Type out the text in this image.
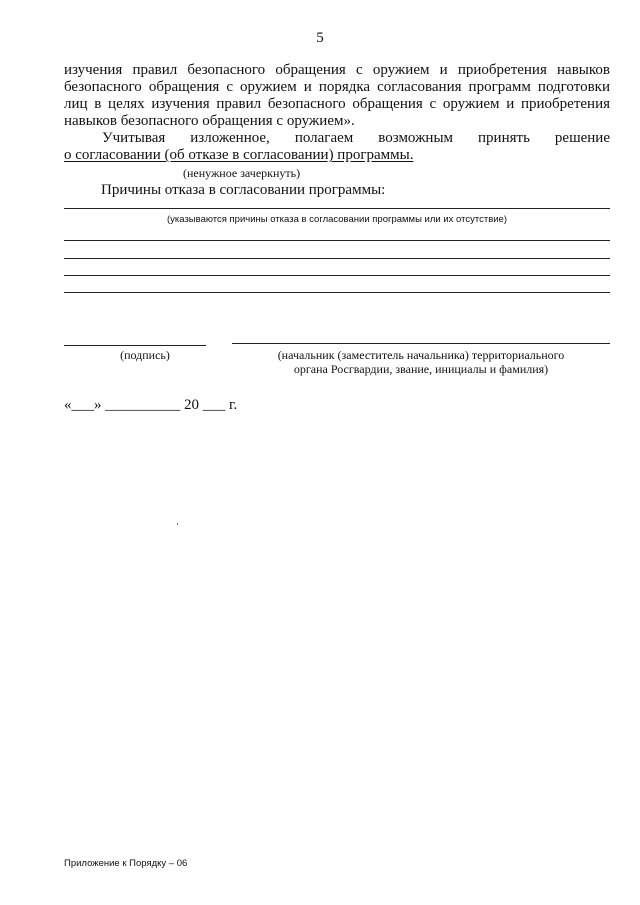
5
изучения правил безопасного обращения с оружием и приобретения навыков
безопасного обращения с оружием и порядка согласования программ подготовки
лиц в целях изучения правил безопасного обращения с оружием и приобретения
навыков безопасного обращения с оружием».
Учитывая изложенное, полагаем возможным принять решение
о согласовании (об отказе в согласовании) программы.
(ненужное зачеркнуть)
Причины отказа в согласовании программы:
(указываются причины отказа в согласовании программы или их отсутствие)
(подпись)	(начальник (заместитель начальника) территориального
органа Росгвардии, звание, инициалы и фамилия)
«___» __________ 20 ___ г.
Приложение к Порядку – 06
